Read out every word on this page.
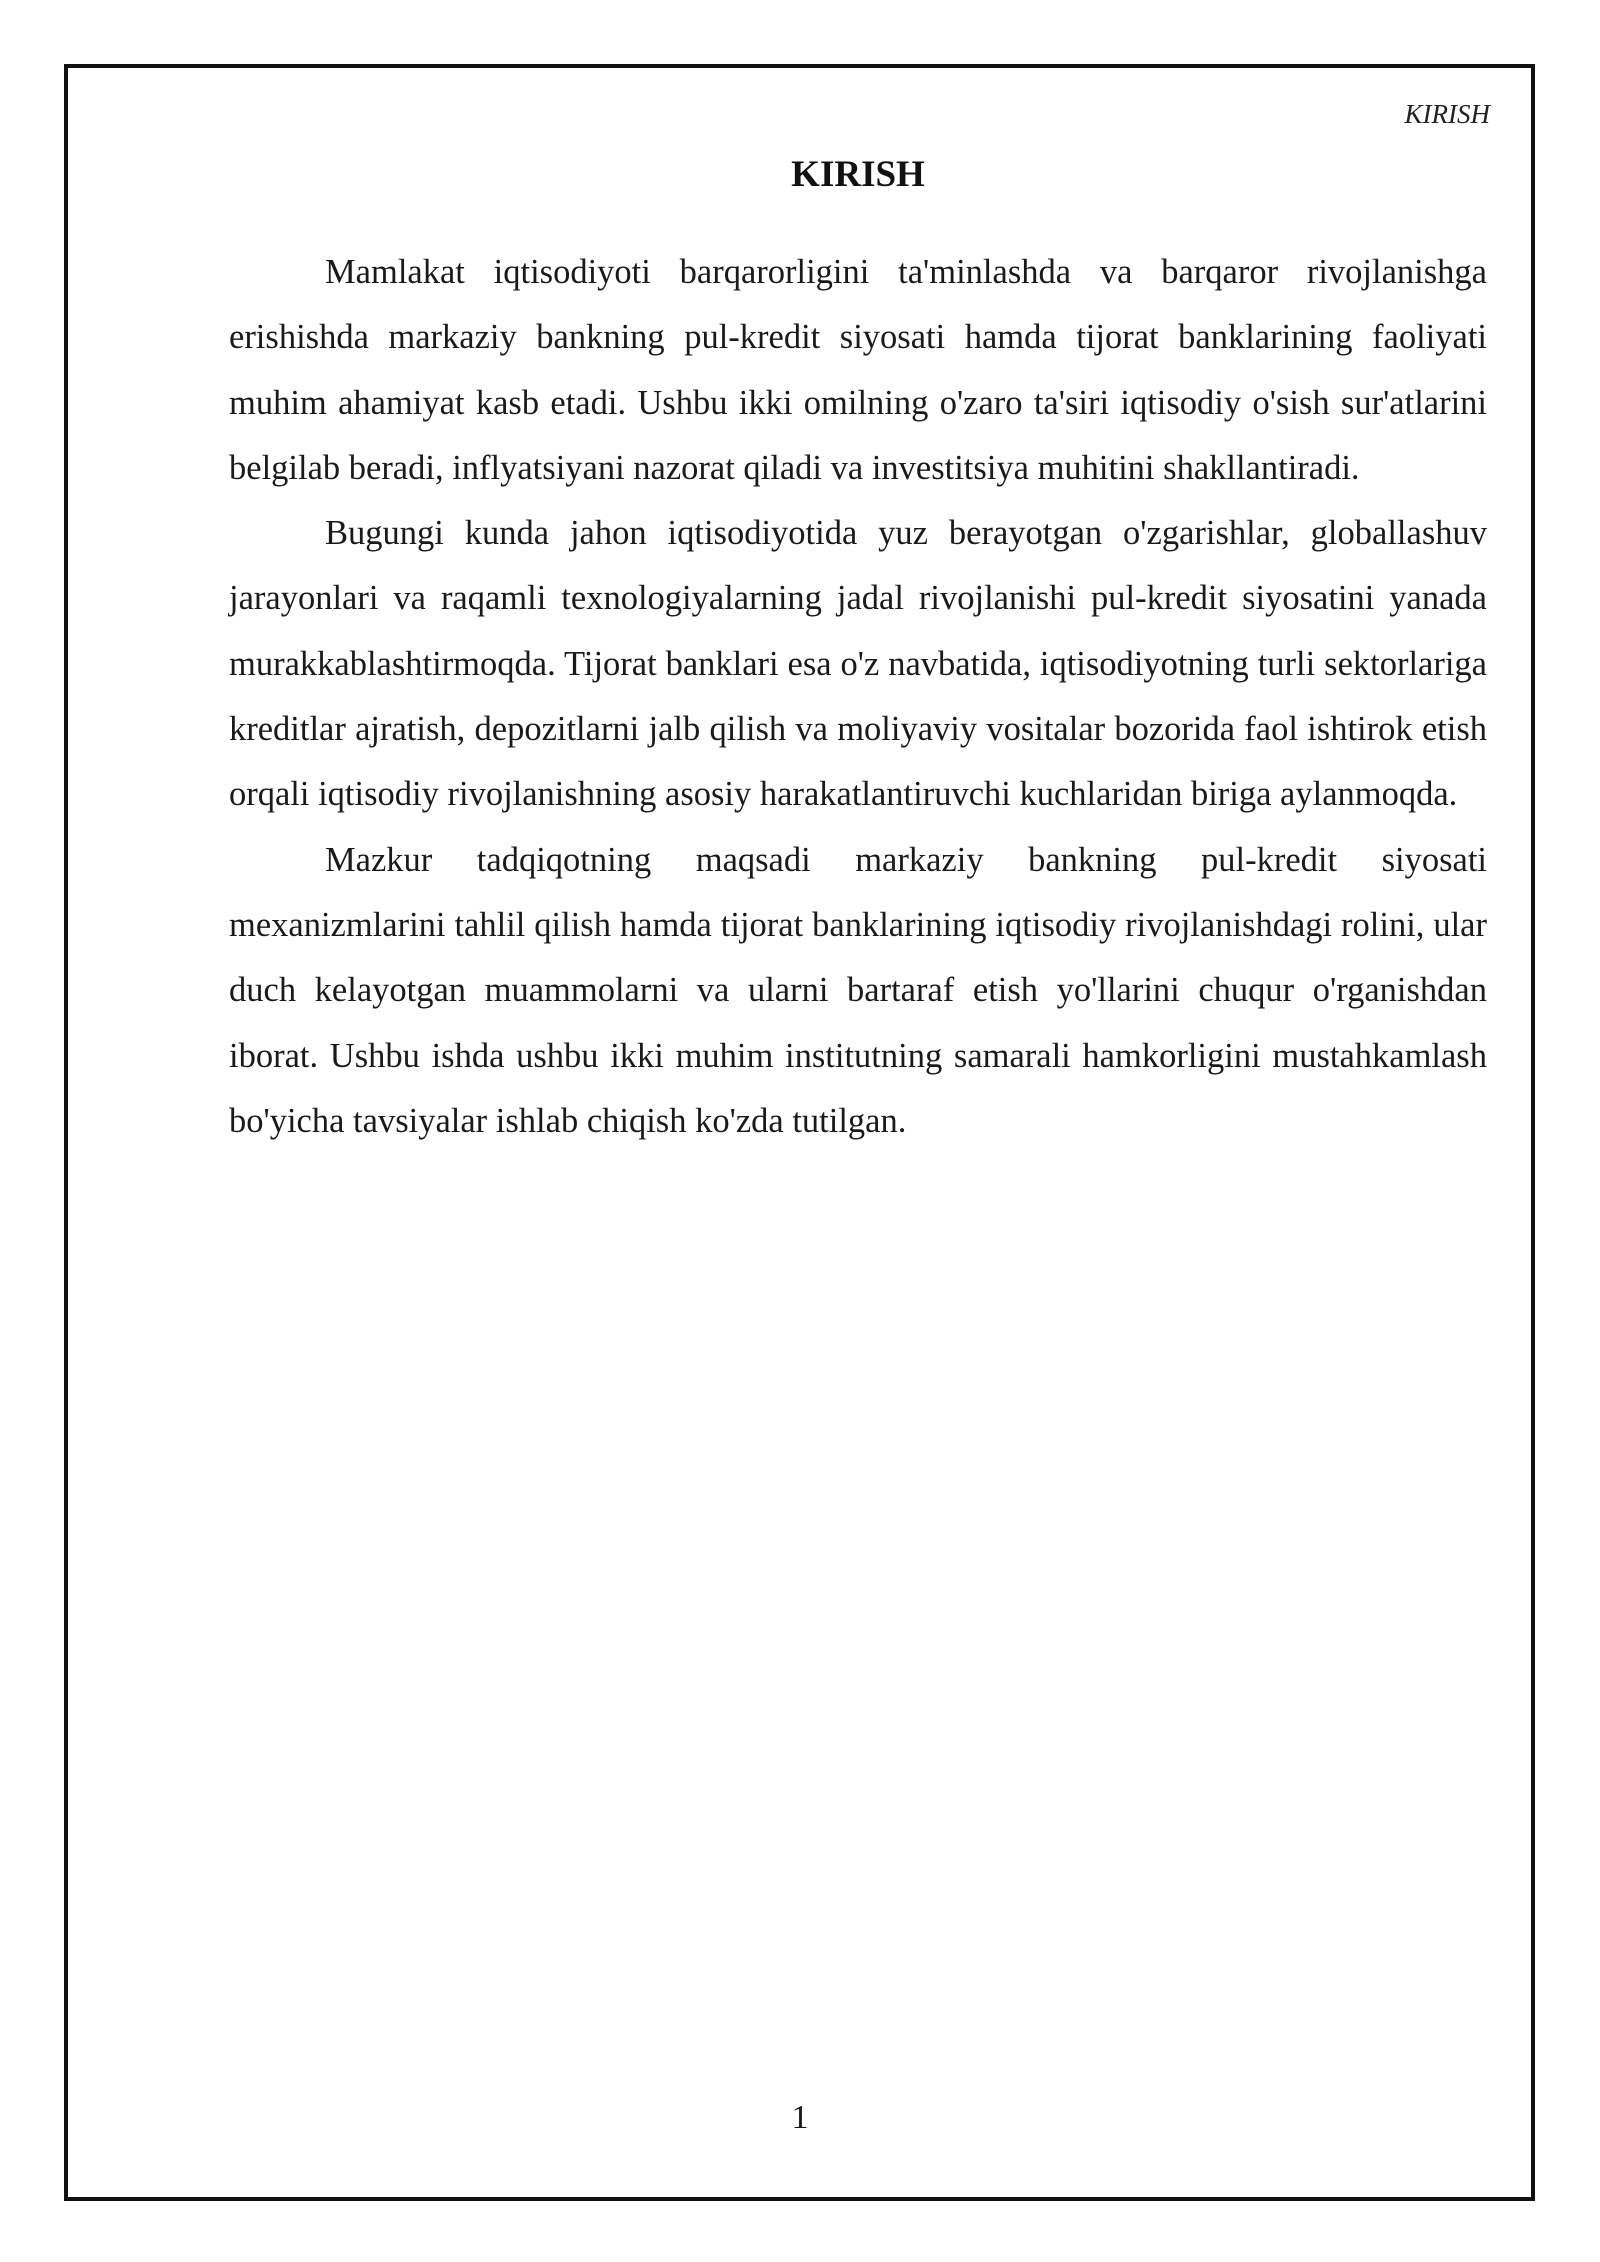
KIRISH
KIRISH

Mamlakat iqtisodiyoti barqarorligini ta'minlashda va barqaror rivojlanishga erishishda markaziy bankning pul-kredit siyosati hamda tijorat banklarining faoliyati muhim ahamiyat kasb etadi. Ushbu ikki omilning o'zaro ta'siri iqtisodiy o'sish sur'atlarini belgilab beradi, inflyatsiyani nazorat qiladi va investitsiya muhitini shakllantiradi.

Bugungi kunda jahon iqtisodiyotida yuz berayotgan o'zgarishlar, globallashuv jarayonlari va raqamli texnologiyalarning jadal rivojlanishi pul-kredit siyosatini yanada murakkablashtirmoqda. Tijorat banklari esa o'z navbatida, iqtisodiyotning turli sektorlariga kreditlar ajratish, depozitlarni jalb qilish va moliyaviy vositalar bozorida faol ishtirok etish orqali iqtisodiy rivojlanishning asosiy harakatlantiruvchi kuchlaridan biriga aylanmoqda.

Mazkur tadqiqotning maqsadi markaziy bankning pul-kredit siyosati mexanizmlarini tahlil qilish hamda tijorat banklarining iqtisodiy rivojlanishdagi rolini, ular duch kelayotgan muammolarni va ularni bartaraf etish yo'llarini chuqur o'rganishdan iborat. Ushbu ishda ushbu ikki muhim institutning samarali hamkorligini mustahkamlash bo'yicha tavsiyalar ishlab chiqish ko'zda tutilgan.

1
